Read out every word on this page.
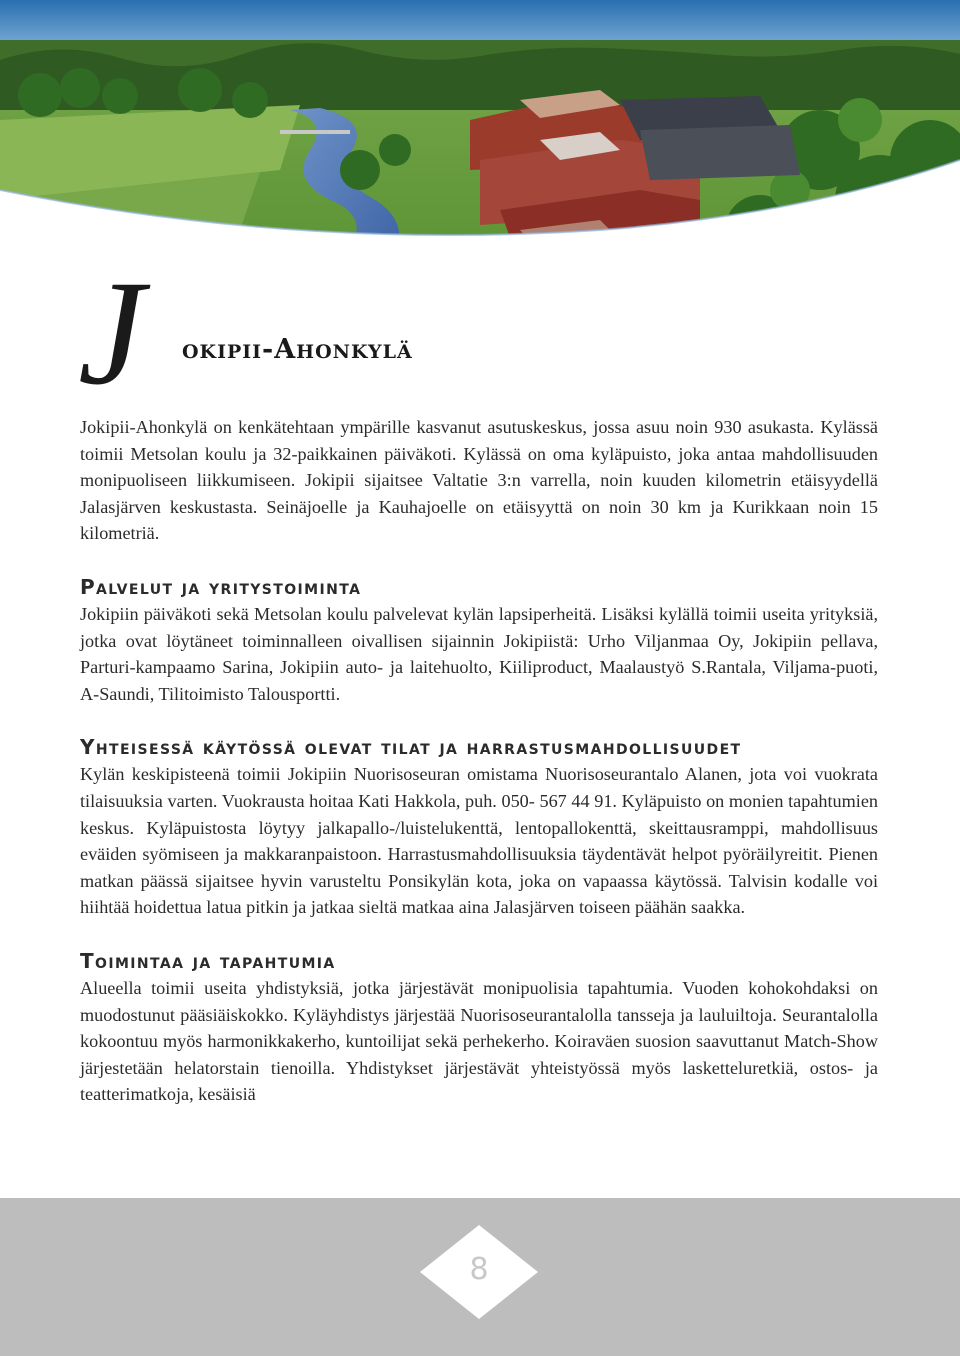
J okipii-Ahonkylä

Jokipii-Ahonkylä on kenkätehtaan ympärille kasvanut asutuskeskus, jossa asuu noin 930 asukasta. Kylässä toimii Metsolan koulu ja 32-paikkainen päiväkoti. Kylässä on oma kyläpuisto, joka antaa mahdollisuuden monipuoliseen liikkumiseen. Jokipii sijaitsee Valtatie 3:n varrella, noin kuuden kilometrin etäisyydellä Jalasjärven keskustasta. Seinäjoelle ja Kauhajoelle on etäisyyttä on noin 30 km ja Kurikkaan noin 15 kilometriä.

Palvelut ja yritystoiminta

Jokipiin päiväkoti sekä Metsolan koulu palvelevat kylän lapsiperheitä. Lisäksi kylällä toimii useita yrityksiä, jotka ovat löytäneet toiminnalleen oivallisen sijainnin Jokipiistä: Urho Viljanmaa Oy, Jokipiin pellava, Parturi-kampaamo Sarina, Jokipiin auto- ja laitehuolto, Kiiliproduct, Maalaustyö S.Rantala, Viljama-puoti, A-Saundi, Tilitoimisto Talousportti.

Yhteisessä käytössä olevat tilat ja harrastusmahdollisuudet

Kylän keskipisteenä toimii Jokipiin Nuorisoseuran omistama Nuorisoseurantalo Alanen, jota voi vuokrata tilaisuuksia varten. Vuokrausta hoitaa Kati Hakkola, puh. 050- 567 44 91. Kyläpuisto on monien tapahtumien keskus. Kyläpuistosta löytyy jalkapallo-/luistelukenttä, lentopallokenttä, skeittausramppi, mahdollisuus eväiden syömiseen ja makkaranpaistoon. Harrastusmahdollisuuksia täydentävät helpot pyöräilyreitit. Pienen matkan päässä sijaitsee hyvin varusteltu Ponsikylän kota, joka on vapaassa käytössä. Talvisin kodalle voi hiihtää hoidettua latua pitkin ja jatkaa sieltä matkaa aina Jalasjärven toiseen päähän saakka.

Toimintaa ja tapahtumia

Alueella toimii useita yhdistyksiä, jotka järjestävät monipuolisia tapahtumia. Vuoden kohokohdaksi on muodostunut pääsiäiskokko. Kyläyhdistys järjestää Nuorisoseurantalolla tansseja ja lauluiltoja. Seurantalolla kokoontuu myös harmonikkakerho, kuntoilijat sekä perhekerho. Koiraväen suosion saavuttanut Match-Show järjestetään helatorstain tienoilla. Yhdistykset järjestävät yhteistyössä myös lasketteluretkiä, ostos- ja teatterimatkoja, kesäisiä

8
